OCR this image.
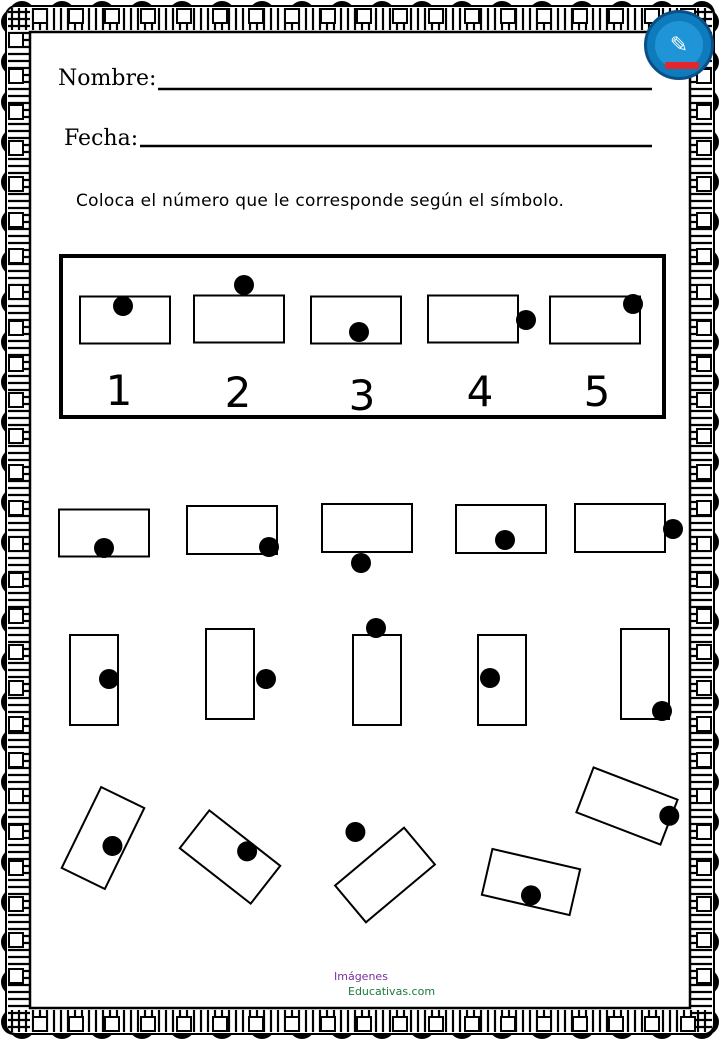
Nombre:
Fecha:
Coloca el número que le corresponde según el símbolo.
1	2	3	4	5
✎
Imágenes
Educativas.com
